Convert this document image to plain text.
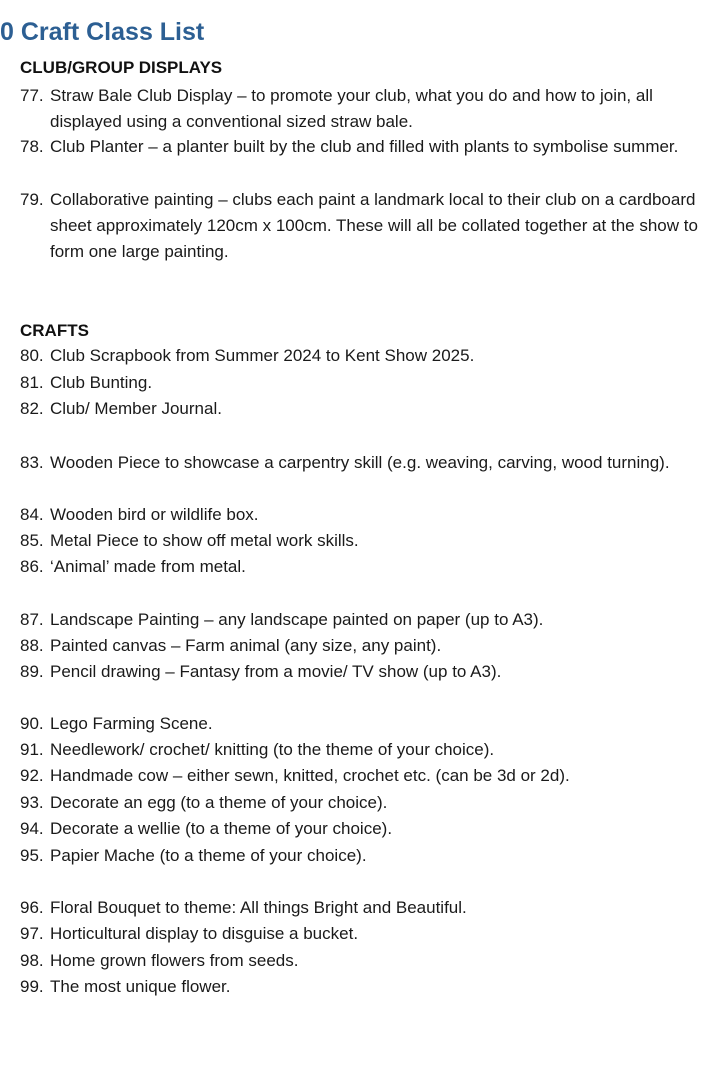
0 Craft Class List
CLUB/GROUP DISPLAYS
77. Straw Bale Club Display – to promote your club, what you do and how to join, all displayed using a conventional sized straw bale.
78. Club Planter – a planter built by the club and filled with plants to symbolise summer.
79. Collaborative painting – clubs each paint a landmark local to their club on a cardboard sheet approximately 120cm x 100cm. These will all be collated together at the show to form one large painting.
CRAFTS
80. Club Scrapbook from Summer 2024 to Kent Show 2025.
81. Club Bunting.
82. Club/ Member Journal.
83. Wooden Piece to showcase a carpentry skill (e.g. weaving, carving, wood turning).
84. Wooden bird or wildlife box.
85. Metal Piece to show off metal work skills.
86. ‘Animal’ made from metal.
87. Landscape Painting – any landscape painted on paper (up to A3).
88. Painted canvas – Farm animal (any size, any paint).
89. Pencil drawing – Fantasy from a movie/ TV show (up to A3).
90. Lego Farming Scene.
91. Needlework/ crochet/ knitting (to the theme of your choice).
92. Handmade cow – either sewn, knitted, crochet etc. (can be 3d or 2d).
93. Decorate an egg (to a theme of your choice).
94. Decorate a wellie (to a theme of your choice).
95. Papier Mache (to a theme of your choice).
96. Floral Bouquet to theme: All things Bright and Beautiful.
97. Horticultural display to disguise a bucket.
98. Home grown flowers from seeds.
99. The most unique flower.
